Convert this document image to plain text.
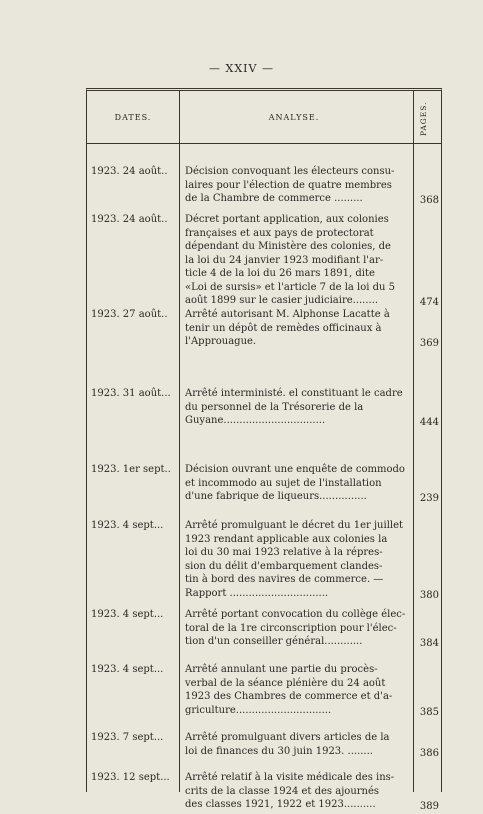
— XXIV —
DATES.	ANALYSE.	PAGES.
1923. 24 août..	Décision convoquant les électeurs consu-
laires pour l'élection de quatre membres
de la Chambre de commerce .........	368
1923. 24 août..	Décret portant application, aux colonies
françaises et aux pays de protectorat
dépendant du Ministère des colonies, de
la loi du 24 janvier 1923 modifiant l'ar-
ticle 4 de la loi du 26 mars 1891, dite
«Loi de sursis» et l'article 7 de la loi du 5
août 1899 sur le casier judiciaire........	474
1923. 27 août..	Arrêté autorisant M. Alphonse Lacatte à
tenir un dépôt de remèdes officinaux à
l'Approuague.	369
1923. 31 août...	Arrêté interministé. el constituant le cadre
du personnel de la Trésorerie de la
Guyane................................	444
1923. 1er sept..	Décision ouvrant une enquête de commodo
et incommodo au sujet de l'installation
d'une fabrique de liqueurs...............	239
1923. 4 sept...	Arrêté promulguant le décret du 1er juillet
1923 rendant applicable aux colonies la
loi du 30 mai 1923 relative à la répres-
sion du délit d'embarquement clandes-
tin à bord des navires de commerce. —
Rapport ...............................	380
1923. 4 sept...	Arrêté portant convocation du collège élec-
toral de la 1re circonscription pour l'élec-
tion d'un conseiller général............	384
1923. 4 sept...	Arrêté annulant une partie du procès-
verbal de la séance plénière du 24 août
1923 des Chambres de commerce et d'a-
griculture..............................	385
1923. 7 sept...	Arrêté promulguant divers articles de la
loi de finances du 30 juin 1923. ........	386
1923. 12 sept...	Arrêté relatif à la visite médicale des ins-
crits de la classe 1924 et des ajournés
des classes 1921, 1922 et 1923..........	389
